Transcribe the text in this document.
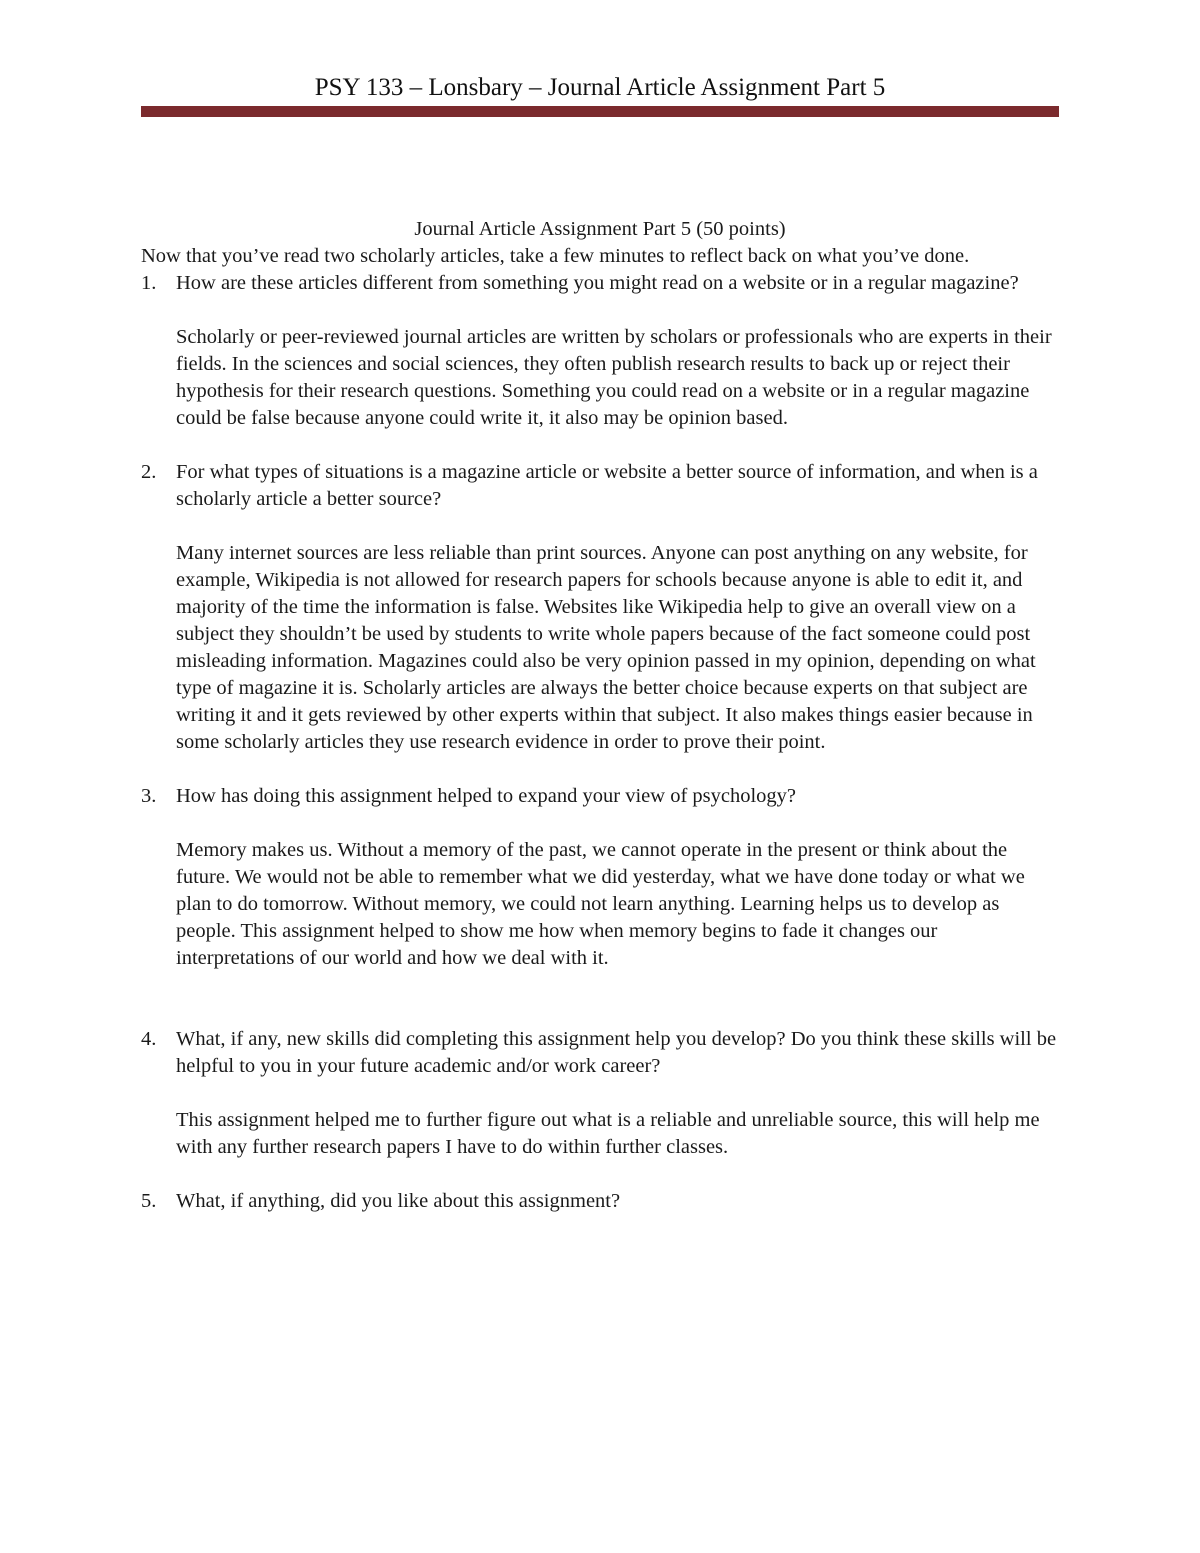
PSY 133 – Lonsbary – Journal Article Assignment Part 5

Journal Article Assignment Part 5 (50 points)

Now that you’ve read two scholarly articles, take a few minutes to reflect back on what you’ve done.

1. How are these articles different from something you might read on a website or in a regular magazine?

Scholarly or peer-reviewed journal articles are written by scholars or professionals who are experts in their fields. In the sciences and social sciences, they often publish research results to back up or reject their hypothesis for their research questions. Something you could read on a website or in a regular magazine could be false because anyone could write it, it also may be opinion based.

2. For what types of situations is a magazine article or website a better source of information, and when is a scholarly article a better source?

Many internet sources are less reliable than print sources. Anyone can post anything on any website, for example, Wikipedia is not allowed for research papers for schools because anyone is able to edit it, and majority of the time the information is false. Websites like Wikipedia help to give an overall view on a subject they shouldn’t be used by students to write whole papers because of the fact someone could post misleading information. Magazines could also be very opinion passed in my opinion, depending on what type of magazine it is. Scholarly articles are always the better choice because experts on that subject are writing it and it gets reviewed by other experts within that subject. It also makes things easier because in some scholarly articles they use research evidence in order to prove their point.

3. How has doing this assignment helped to expand your view of psychology?

Memory makes us. Without a memory of the past, we cannot operate in the present or think about the future. We would not be able to remember what we did yesterday, what we have done today or what we plan to do tomorrow. Without memory, we could not learn anything. Learning helps us to develop as people. This assignment helped to show me how when memory begins to fade it changes our interpretations of our world and how we deal with it.

4. What, if any, new skills did completing this assignment help you develop? Do you think these skills will be helpful to you in your future academic and/or work career?

This assignment helped me to further figure out what is a reliable and unreliable source, this will help me with any further research papers I have to do within further classes.

5. What, if anything, did you like about this assignment?
